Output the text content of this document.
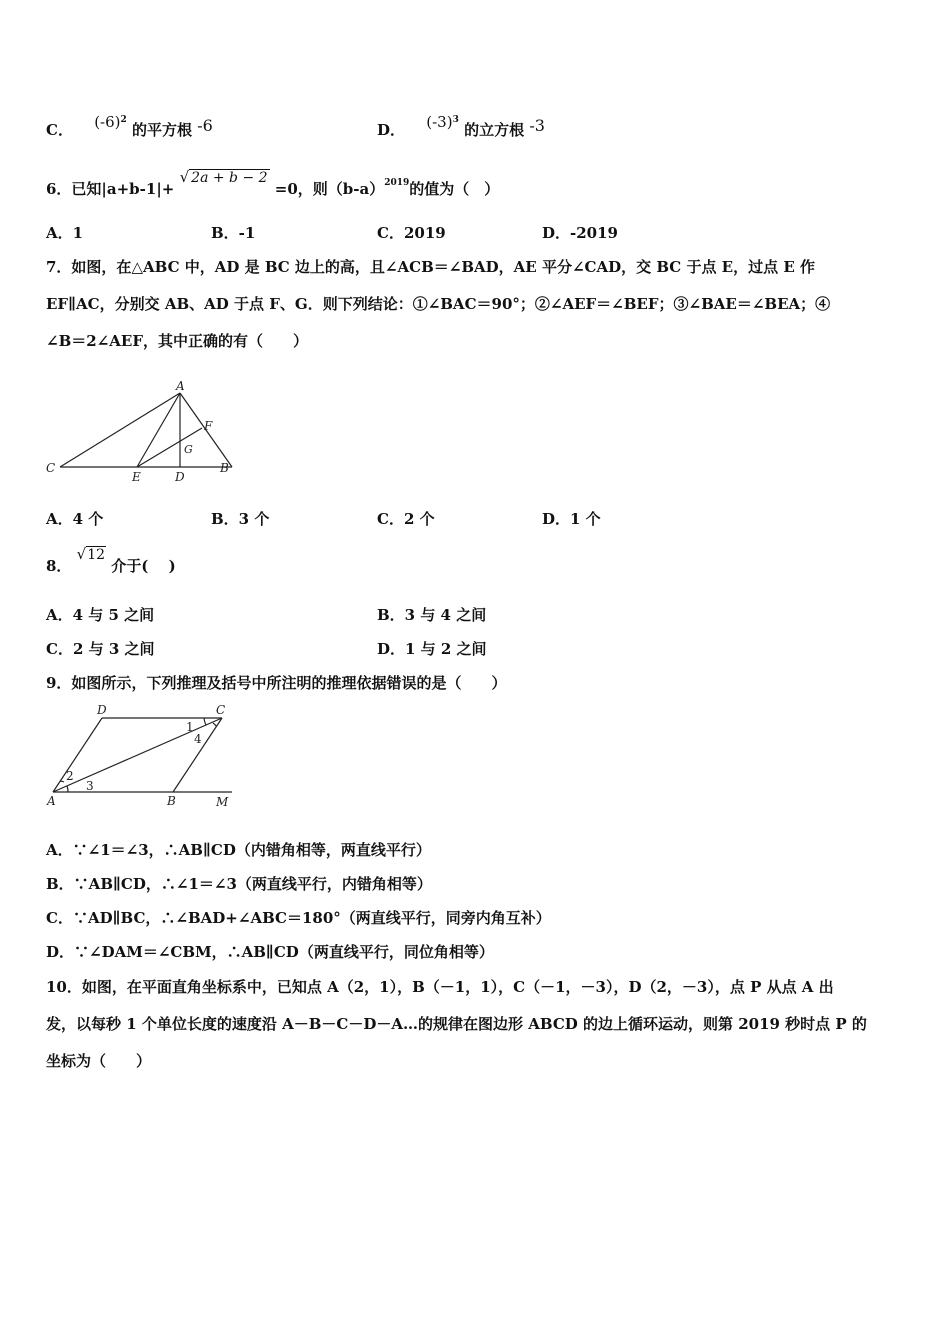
C． $(-6)^2$ 的平方根 -6	D． $(-3)^3$ 的立方根 -3
6．已知|a+b-1|+ √ 2a + b − 2 =0，则$(b-a)^{2019}$的值为（　）
A．1	B．-1	C．2019	D．-2019
7．如图，在△ABC 中，AD 是 BC 边上的高，且∠ACB＝∠BAD，AE 平分∠CAD，交 BC 于点 E，过点 E 作
EF∥AC，分别交 AB、AD 于点 F、G．则下列结论：①∠BAC＝90°；②∠AEF＝∠BEF；③∠BAE＝∠BEA；④
∠B＝2∠AEF，其中正确的有（　　）
A
F
G
C
E	D
B
A．4 个	B．3 个	C．2 个	D．1 个
8． √12 介于(　 )
A．4 与 5 之间	B．3 与 4 之间
C．2 与 3 之间	D．1 与 2 之间
9．如图所示，下列推理及括号中所注明的推理依据错误的是（　　）
D	C
A	B	M
1
2
3
4
A．∵∠1＝∠3，∴AB∥CD（内错角相等，两直线平行）
B．∵AB∥CD，∴∠1＝∠3（两直线平行，内错角相等）
C．∵AD∥BC，∴∠BAD+∠ABC＝180°（两直线平行，同旁内角互补）
D．∵∠DAM＝∠CBM，∴AB∥CD（两直线平行，同位角相等）
10．如图，在平面直角坐标系中，已知点 A（2，1），B（－1，1），C（－1，－3），D（2，－3），点 P 从点 A 出
发，以每秒 1 个单位长度的速度沿 A－B－C－D－A…的规律在图边形 ABCD 的边上循环运动，则第 2019 秒时点 P 的
坐标为（　　）
